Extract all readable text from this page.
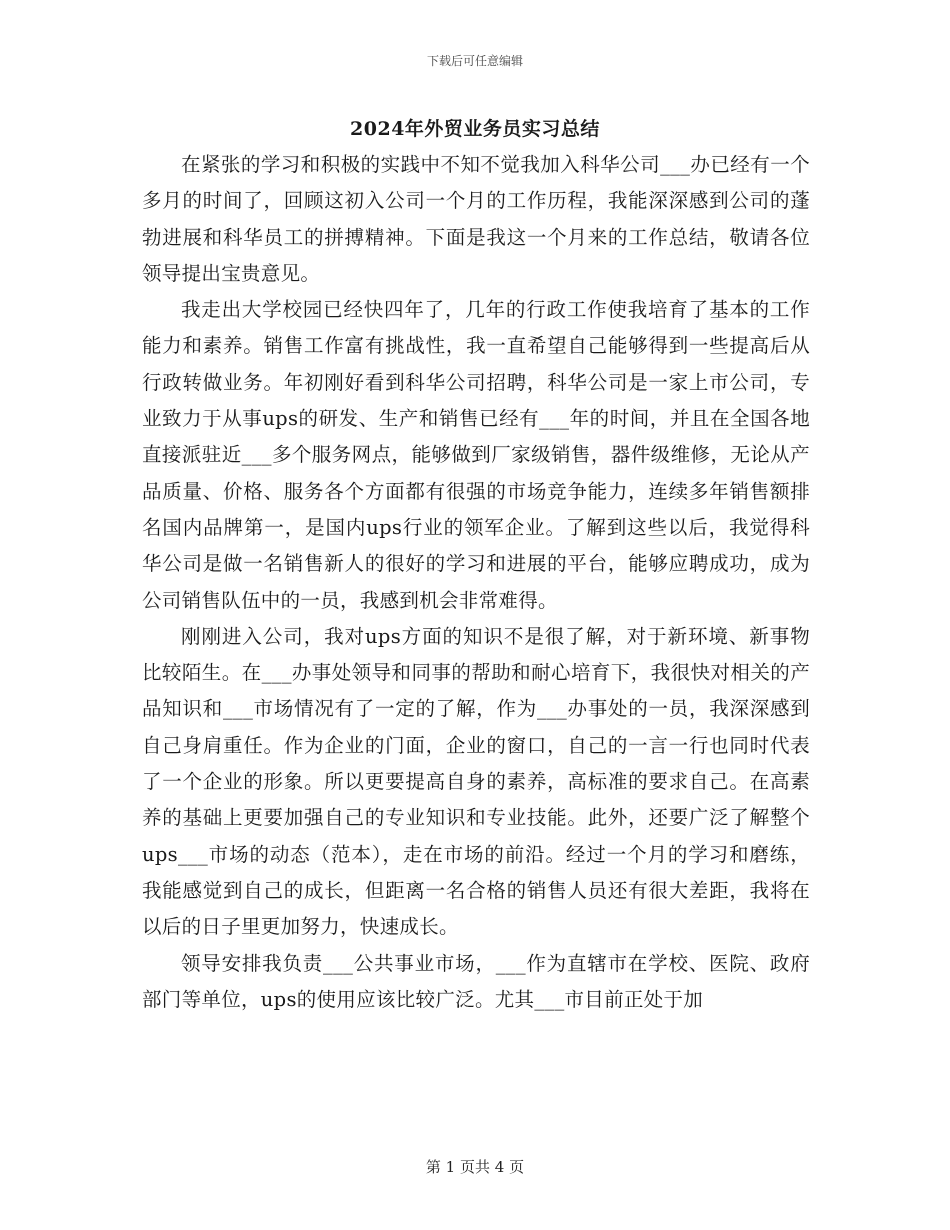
下载后可任意编辑
2024年外贸业务员实习总结

在紧张的学习和积极的实践中不知不觉我加入科华公司___办已经有一个多月的时间了，回顾这初入公司一个月的工作历程，我能深深感到公司的蓬勃进展和科华员工的拼搏精神。下面是我这一个月来的工作总结，敬请各位领导提出宝贵意见。

我走出大学校园已经快四年了，几年的行政工作使我培育了基本的工作能力和素养。销售工作富有挑战性，我一直希望自己能够得到一些提高后从行政转做业务。年初刚好看到科华公司招聘，科华公司是一家上市公司，专业致力于从事ups的研发、生产和销售已经有___年的时间，并且在全国各地直接派驻近___多个服务网点，能够做到厂家级销售，器件级维修，无论从产品质量、价格、服务各个方面都有很强的市场竞争能力，连续多年销售额排名国内品牌第一，是国内ups行业的领军企业。了解到这些以后，我觉得科华公司是做一名销售新人的很好的学习和进展的平台，能够应聘成功，成为公司销售队伍中的一员，我感到机会非常难得。

刚刚进入公司，我对ups方面的知识不是很了解，对于新环境、新事物比较陌生。在___办事处领导和同事的帮助和耐心培育下，我很快对相关的产品知识和___市场情况有了一定的了解，作为___办事处的一员，我深深感到自己身肩重任。作为企业的门面，企业的窗口，自己的一言一行也同时代表了一个企业的形象。所以更要提高自身的素养，高标准的要求自己。在高素养的基础上更要加强自己的专业知识和专业技能。此外，还要广泛了解整个ups___市场的动态（范本），走在市场的前沿。经过一个月的学习和磨练，我能感觉到自己的成长，但距离一名合格的销售人员还有很大差距，我将在以后的日子里更加努力，快速成长。

领导安排我负责___公共事业市场，___作为直辖市在学校、医院、政府部门等单位，ups的使用应该比较广泛。尤其___市目前正处于加

第 1 页共 4 页
